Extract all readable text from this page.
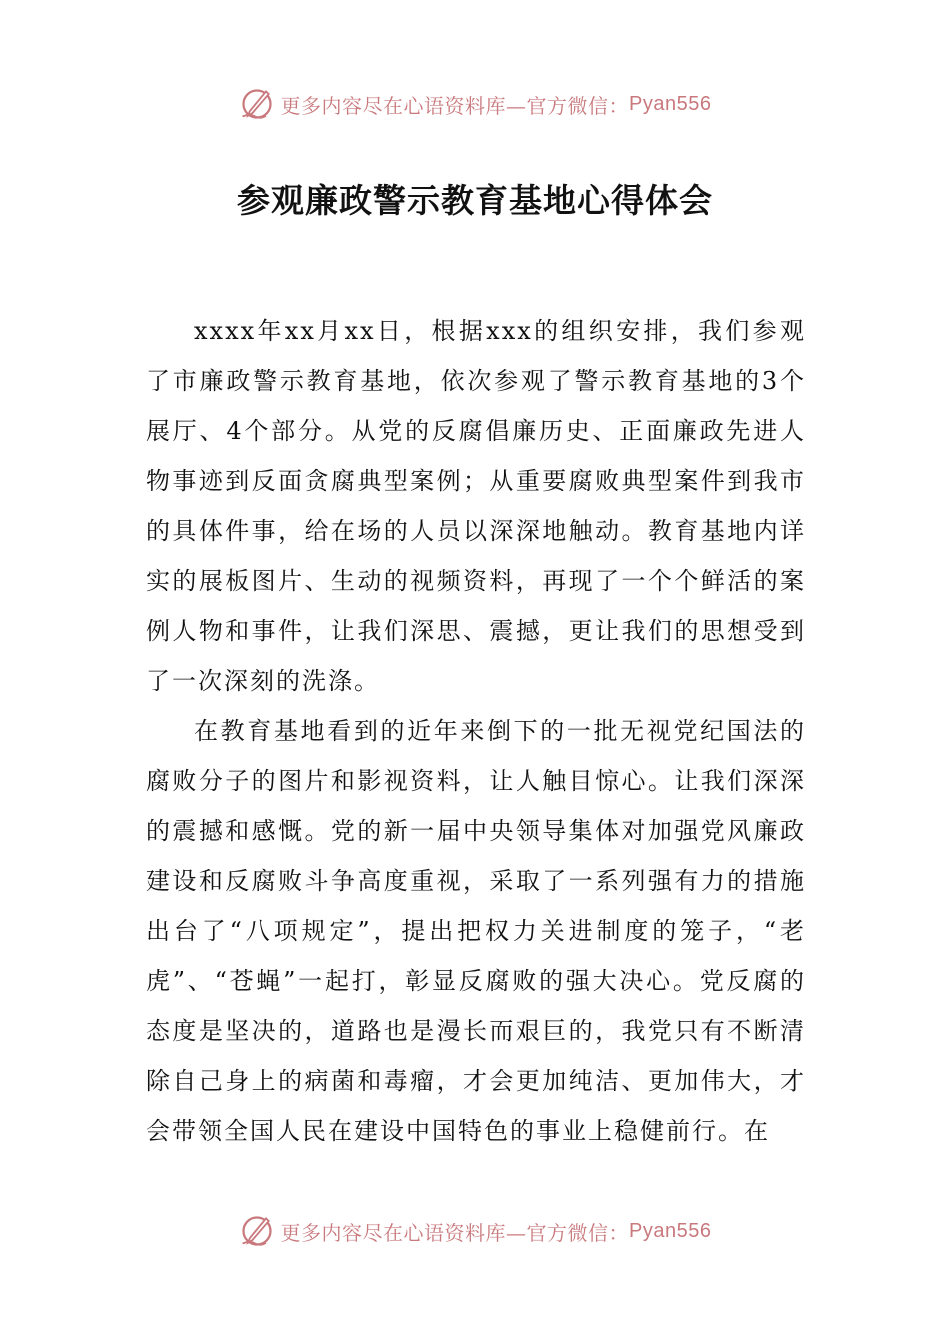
更多内容尽在心语资料库—官方微信： Pyan556
参观廉政警示教育基地心得体会

xxxx年xx月xx日，根据xxx的组织安排，我们参观了市廉政警示教育基地，依次参观了警示教育基地的3个展厅、4个部分。从党的反腐倡廉历史、正面廉政先进人物事迹到反面贪腐典型案例；从重要腐败典型案件到我市的具体件事，给在场的人员以深深地触动。教育基地内详实的展板图片、生动的视频资料，再现了一个个鲜活的案例人物和事件，让我们深思、震撼，更让我们的思想受到了一次深刻的洗涤。

在教育基地看到的近年来倒下的一批无视党纪国法的腐败分子的图片和影视资料，让人触目惊心。让我们深深的震撼和感慨。党的新一届中央领导集体对加强党风廉政建设和反腐败斗争高度重视，采取了一系列强有力的措施出台了“八项规定”，提出把权力关进制度的笼子，“老虎”、“苍蝇”一起打，彰显反腐败的强大决心。党反腐的态度是坚决的，道路也是漫长而艰巨的，我党只有不断清除自己身上的病菌和毒瘤，才会更加纯洁、更加伟大，才会带领全国人民在建设中国特色的事业上稳健前行。在

更多内容尽在心语资料库—官方微信： Pyan556
